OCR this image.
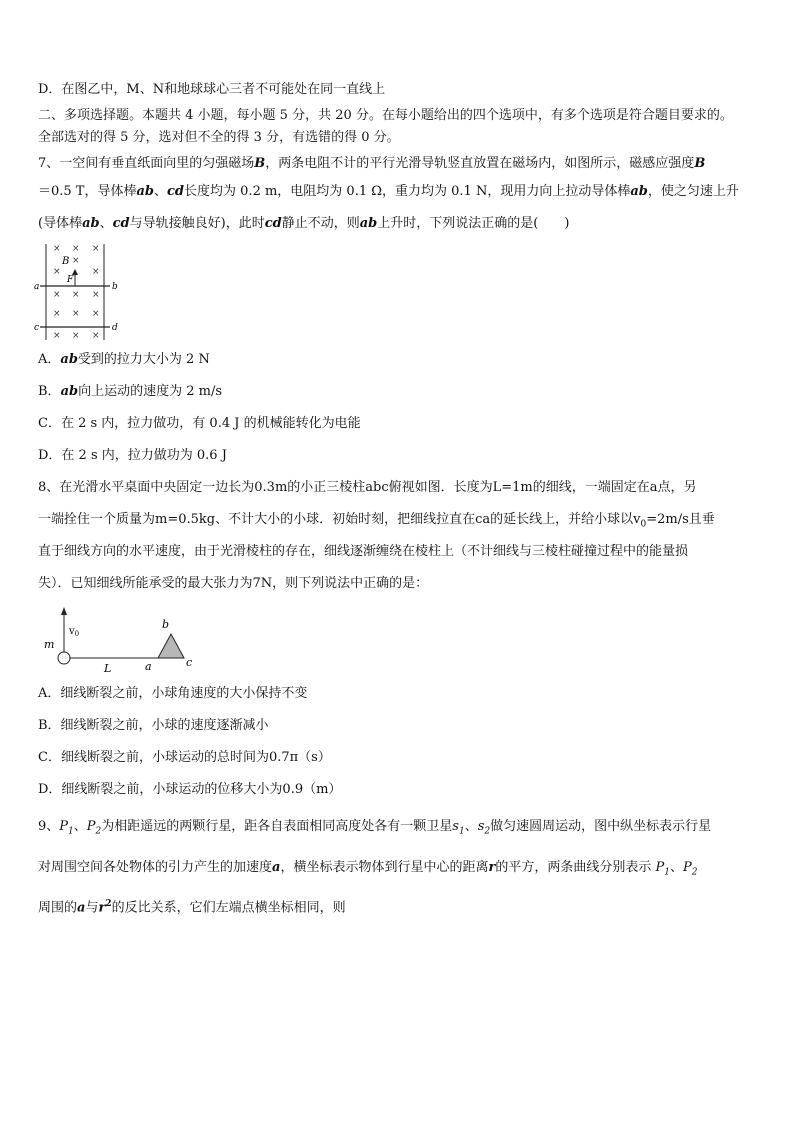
D．在图乙中，M、N和地球球心三者不可能处在同一直线上
二、多项选择题。本题共 4 小题，每小题 5 分，共 20 分。在每小题给出的四个选项中，有多个选项是符合题目要求的。
全部选对的得 5 分，选对但不全的得 3 分，有选错的得 0 分。
7、一空间有垂直纸面向里的匀强磁场B，两条电阻不计的平行光滑导轨竖直放置在磁场内，如图所示，磁感应强度B
＝0.5 T，导体棒ab、cd长度均为 0.2 m，电阻均为 0.1 Ω，重力均为 0.1 N，现用力向上拉动导体棒ab，使之匀速上升
(导体棒ab、cd与导轨接触良好)，此时cd静止不动，则ab上升时，下列说法正确的是(　　)
× × ×
×
×	×
× × ×
× × ×
× × ×
B
F
a	b
c	d
A．ab受到的拉力大小为 2 N
B．ab向上运动的速度为 2 m/s
C．在 2 s 内，拉力做功，有 0.4 J 的机械能转化为电能
D．在 2 s 内，拉力做功为 0.6 J
8、在光滑水平桌面中央固定一边长为0.3m的小正三棱柱abc俯视如图．长度为L=1m的细线，一端固定在a点，另
一端拴住一个质量为m=0.5kg、不计大小的小球．初始时刻，把细线拉直在ca的延长线上，并给小球以$v_0=2m/s$且垂
直于细线方向的水平速度，由于光滑棱柱的存在，细线逐渐缠绕在棱柱上（不计细线与三棱柱碰撞过程中的能量损
失）．已知细线所能承受的最大张力为7N，则下列说法中正确的是：
m
$v_0$
L	a
b
c
A．细线断裂之前，小球角速度的大小保持不变
B．细线断裂之前，小球的速度逐渐减小
C．细线断裂之前，小球运动的总时间为0.7π（s）
D．细线断裂之前，小球运动的位移大小为0.9（m）
9、$P_1$、$P_2$为相距遥远的两颗行星，距各自表面相同高度处各有一颗卫星$s_1$、$s_2$做匀速圆周运动，图中纵坐标表示行星
对周围空间各处物体的引力产生的加速度a，横坐标表示物体到行星中心的距离r的平方，两条曲线分别表示 $P_1$、$P_2$
周围的a与$r^2$的反比关系，它们左端点横坐标相同，则
